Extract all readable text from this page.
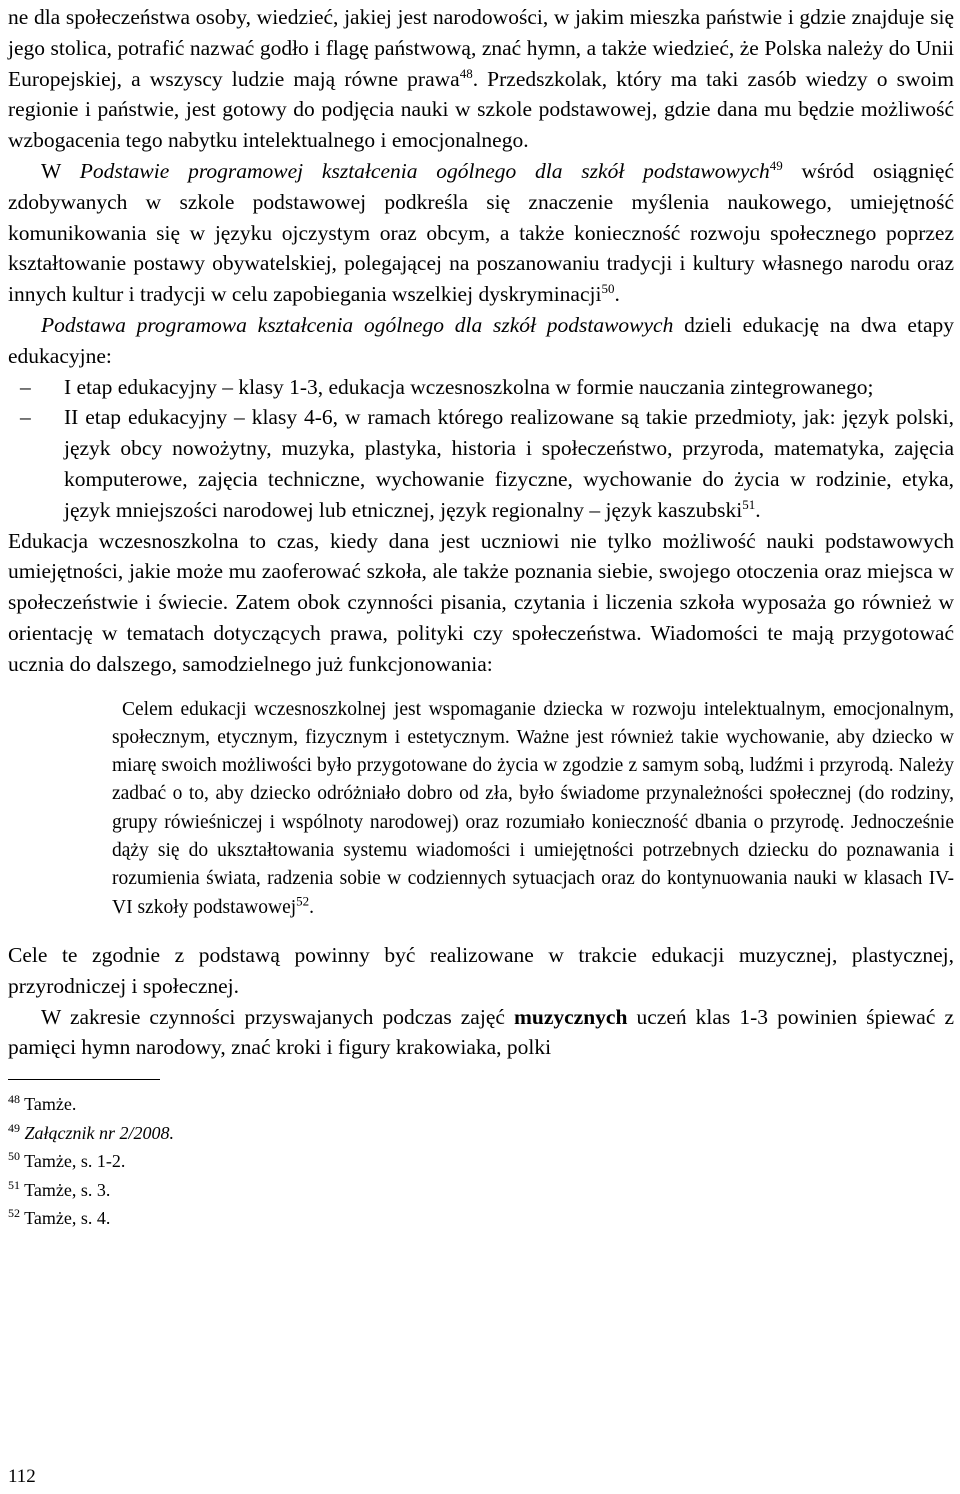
ne dla społeczeństwa osoby, wiedzieć, jakiej jest narodowości, w jakim mieszka państwie i gdzie znajduje się jego stolica, potrafić nazwać godło i flagę państwową, znać hymn, a także wiedzieć, że Polska należy do Unii Europejskiej, a wszyscy ludzie mają równe prawa$^{48}$. Przedszkolak, który ma taki zasób wiedzy o swoim regionie i państwie, jest gotowy do podjęcia nauki w szkole podstawowej, gdzie dana mu będzie możliwość wzbogacenia tego nabytku intelektualnego i emocjonalnego.

W Podstawie programowej kształcenia ogólnego dla szkół podstawowych$^{49}$ wśród osiągnięć zdobywanych w szkole podstawowej podkreśla się znaczenie myślenia naukowego, umiejętność komunikowania się w języku ojczystym oraz obcym, a także konieczność rozwoju społecznego poprzez kształtowanie postawy obywatelskiej, polegającej na poszanowaniu tradycji i kultury własnego narodu oraz innych kultur i tradycji w celu zapobiegania wszelkiej dyskryminacji$^{50}$.

Podstawa programowa kształcenia ogólnego dla szkół podstawowych dzieli edukację na dwa etapy edukacyjne:

–	I etap edukacyjny – klasy 1-3, edukacja wczesnoszkolna w formie nauczania zintegrowanego;
–	II etap edukacyjny – klasy 4-6, w ramach którego realizowane są takie przedmioty, jak: język polski, język obcy nowożytny, muzyka, plastyka, historia i społeczeństwo, przyroda, matematyka, zajęcia komputerowe, zajęcia techniczne, wychowanie fizyczne, wychowanie do życia w rodzinie, etyka, język mniejszości narodowej lub etnicznej, język regionalny – język kaszubski$^{51}$.

Edukacja wczesnoszkolna to czas, kiedy dana jest uczniowi nie tylko możliwość nauki podstawowych umiejętności, jakie może mu zaoferować szkoła, ale także poznania siebie, swojego otoczenia oraz miejsca w społeczeństwie i świecie. Zatem obok czynności pisania, czytania i liczenia szkoła wyposaża go również w orientację w tematach dotyczących prawa, polityki czy społeczeństwa. Wiadomości te mają przygotować ucznia do dalszego, samodzielnego już funkcjonowania:

Celem edukacji wczesnoszkolnej jest wspomaganie dziecka w rozwoju intelektualnym, emocjonalnym, społecznym, etycznym, fizycznym i estetycznym. Ważne jest również takie wychowanie, aby dziecko w miarę swoich możliwości było przygotowane do życia w zgodzie z samym sobą, ludźmi i przyrodą. Należy zadbać o to, aby dziecko odróżniało dobro od zła, było świadome przynależności społecznej (do rodziny, grupy rówieśniczej i wspólnoty narodowej) oraz rozumiało konieczność dbania o przyrodę. Jednocześnie dąży się do ukształtowania systemu wiadomości i umiejętności potrzebnych dziecku do poznawania i rozumienia świata, radzenia sobie w codziennych sytuacjach oraz do kontynuowania nauki w klasach IV-VI szkoły podstawowej$^{52}$.

Cele te zgodnie z podstawą powinny być realizowane w trakcie edukacji muzycznej, plastycznej, przyrodniczej i społecznej.

W zakresie czynności przyswajanych podczas zajęć muzycznych uczeń klas 1-3 powinien śpiewać z pamięci hymn narodowy, znać kroki i figury krakowiaka, polki

$^{48}$ Tamże.
$^{49}$ Załącznik nr 2/2008.
$^{50}$ Tamże, s. 1-2.
$^{51}$ Tamże, s. 3.
$^{52}$ Tamże, s. 4.
112
